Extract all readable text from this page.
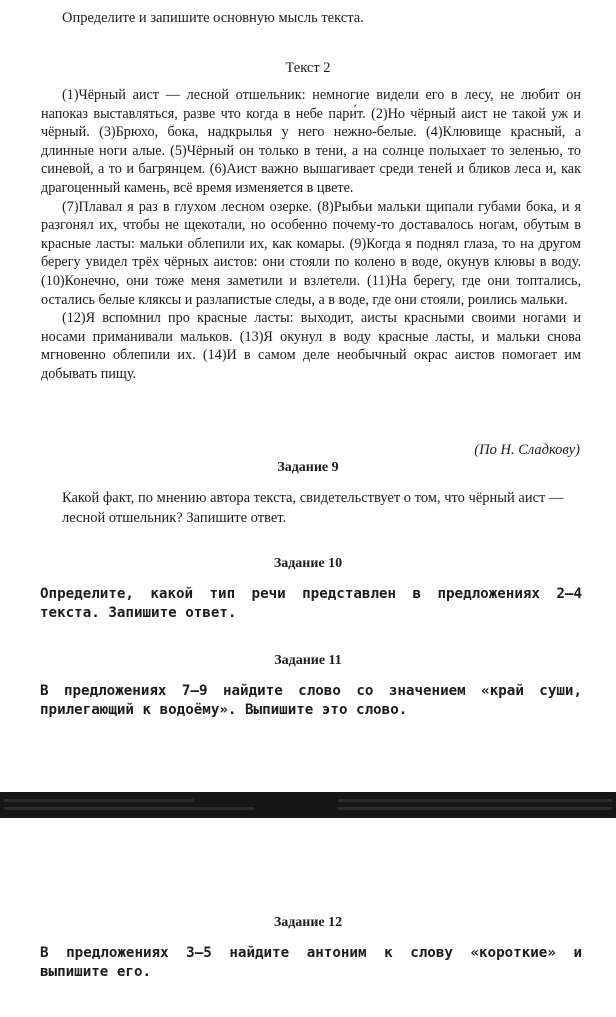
Определите и запишите основную мысль текста.

Текст 2

(1)Чёрный аист — лесной отшельник: немногие видели его в лесу, не любит он напоказ выставляться, разве что когда в небе пари́т. (2)Но чёрный аист не такой уж и чёрный. (3)Брюхо, бока, надкрылья у него нежно-белые. (4)Клювище красный, а длинные ноги алые. (5)Чёрный он только в тени, а на солнце полыхает то зеленью, то синевой, а то и багрянцем. (6)Аист важно вышагивает среди теней и бликов леса и, как драгоценный камень, всё время изменяется в цвете.

(7)Плавал я раз в глухом лесном озерке. (8)Рыбьи мальки щипали губами бока, и я разгонял их, чтобы не щекотали, но особенно почему-то доставалось ногам, обутым в красные ласты: мальки облепили их, как комары. (9)Когда я поднял глаза, то на другом берегу увидел трёх чёрных аистов: они стояли по колено в воде, окунув клювы в воду. (10)Конечно, они тоже меня заметили и взлетели. (11)На берегу, где они топтались, остались белые кляксы и разлапистые следы, а в воде, где они стояли, роились мальки.

(12)Я вспомнил про красные ласты: выходит, аисты красными своими ногами и носами приманивали мальков. (13)Я окунул в воду красные ласты, и мальки снова мгновенно облепили их. (14)И в самом деле необычный окрас аистов помогает им добывать пищу.

(По Н. Сладкову)

Задание 9

Какой факт, по мнению автора текста, свидетельствует о том, что чёрный аист — лесной отшельник? Запишите ответ.

Задание 10

Определите, какой тип речи представлен в предложениях 2–4 текста. Запишите ответ.

Задание 11

В предложениях 7–9 найдите слово со значением «край суши, прилегающий к водоёму». Выпишите это слово.

Задание 12

В предложениях 3–5 найдите антоним к слову «короткие» и выпишите его.
